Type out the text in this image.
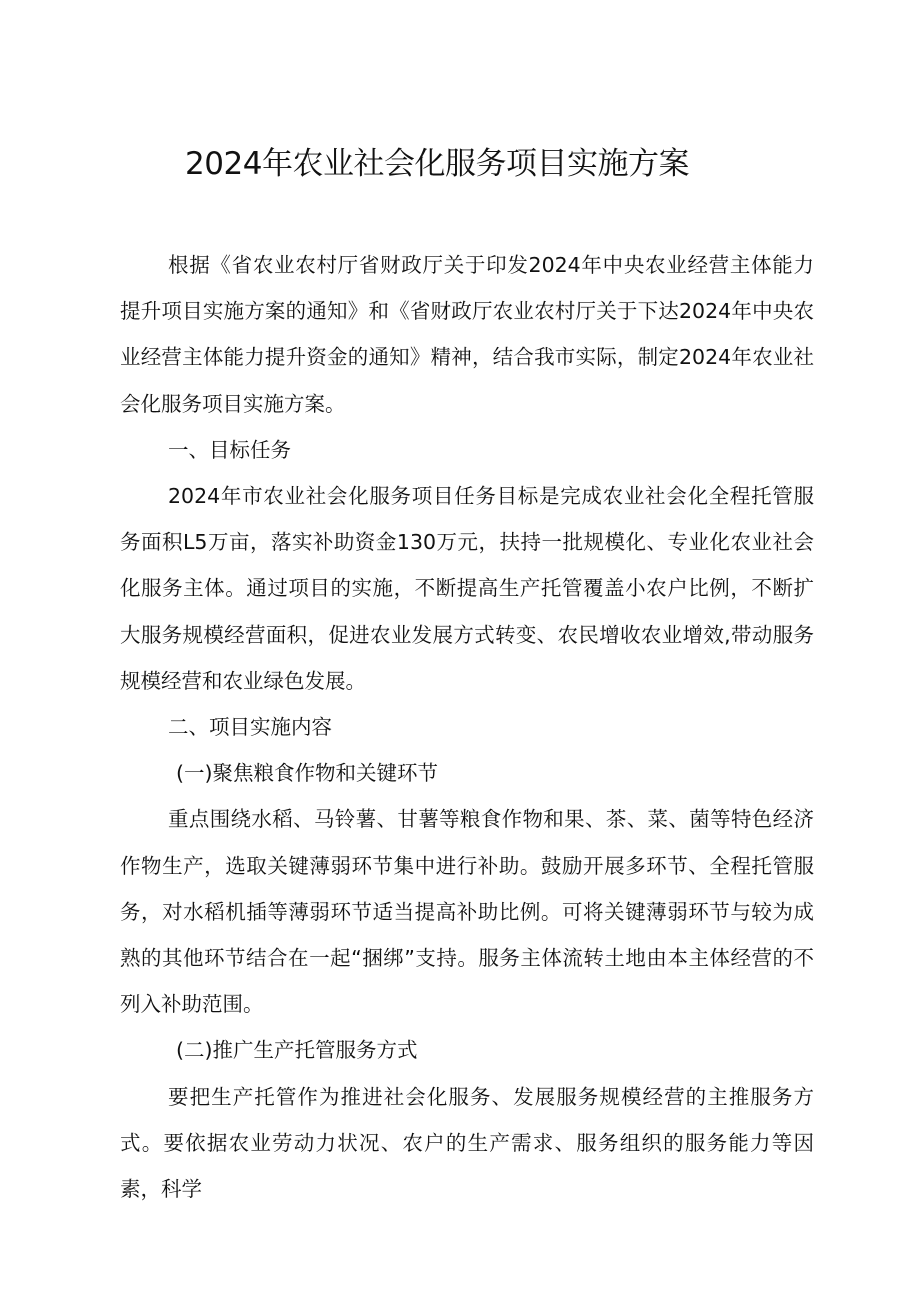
2024年农业社会化服务项目实施方案

根据《省农业农村厅省财政厅关于印发2024年中央农业经营主体能力提升项目实施方案的通知》和《省财政厅农业农村厅关于下达2024年中央农业经营主体能力提升资金的通知》精神，结合我市实际，制定2024年农业社会化服务项目实施方案。

一、目标任务

2024年市农业社会化服务项目任务目标是完成农业社会化全程托管服务面积L5万亩，落实补助资金130万元，扶持一批规模化、专业化农业社会化服务主体。通过项目的实施，不断提高生产托管覆盖小农户比例，不断扩大服务规模经营面积，促进农业发展方式转变、农民增收农业增效,带动服务规模经营和农业绿色发展。

二、项目实施内容

(一)聚焦粮食作物和关键环节

重点围绕水稻、马铃薯、甘薯等粮食作物和果、茶、菜、菌等特色经济作物生产，选取关键薄弱环节集中进行补助。鼓励开展多环节、全程托管服务，对水稻机插等薄弱环节适当提高补助比例。可将关键薄弱环节与较为成熟的其他环节结合在一起“捆绑”支持。服务主体流转土地由本主体经营的不列入补助范围。

(二)推广生产托管服务方式

要把生产托管作为推进社会化服务、发展服务规模经营的主推服务方式。要依据农业劳动力状况、农户的生产需求、服务组织的服务能力等因素，科学
